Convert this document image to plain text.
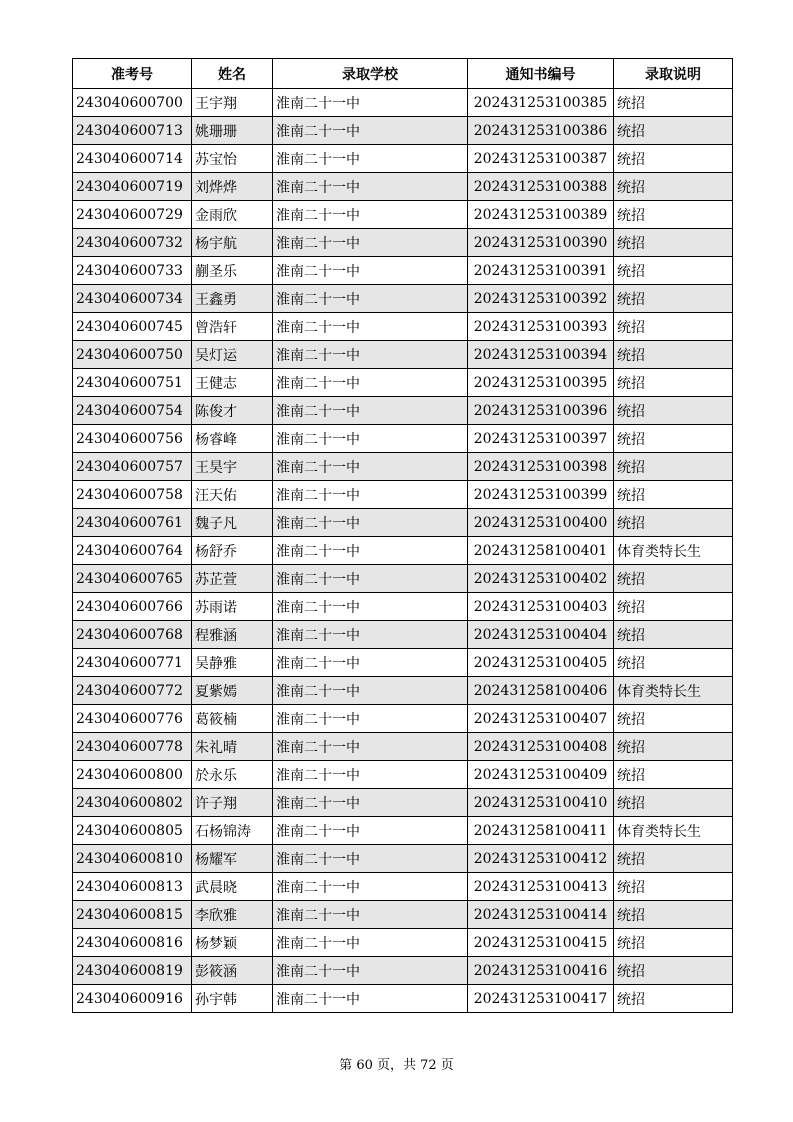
准考号	姓名	录取学校	通知书编号	录取说明
243040600700	王宇翔	淮南二十一中	202431253100385	统招
243040600713	姚珊珊	淮南二十一中	202431253100386	统招
243040600714	苏宝怡	淮南二十一中	202431253100387	统招
243040600719	刘烨烨	淮南二十一中	202431253100388	统招
243040600729	金雨欣	淮南二十一中	202431253100389	统招
243040600732	杨宇航	淮南二十一中	202431253100390	统招
243040600733	蒯圣乐	淮南二十一中	202431253100391	统招
243040600734	王鑫勇	淮南二十一中	202431253100392	统招
243040600745	曾浩轩	淮南二十一中	202431253100393	统招
243040600750	吴灯运	淮南二十一中	202431253100394	统招
243040600751	王健志	淮南二十一中	202431253100395	统招
243040600754	陈俊才	淮南二十一中	202431253100396	统招
243040600756	杨睿峰	淮南二十一中	202431253100397	统招
243040600757	王昊宇	淮南二十一中	202431253100398	统招
243040600758	汪天佑	淮南二十一中	202431253100399	统招
243040600761	魏子凡	淮南二十一中	202431253100400	统招
243040600764	杨舒乔	淮南二十一中	202431258100401	体育类特长生
243040600765	苏芷萱	淮南二十一中	202431253100402	统招
243040600766	苏雨诺	淮南二十一中	202431253100403	统招
243040600768	程雅涵	淮南二十一中	202431253100404	统招
243040600771	吴静雅	淮南二十一中	202431253100405	统招
243040600772	夏紫嫣	淮南二十一中	202431258100406	体育类特长生
243040600776	葛筱楠	淮南二十一中	202431253100407	统招
243040600778	朱礼晴	淮南二十一中	202431253100408	统招
243040600800	於永乐	淮南二十一中	202431253100409	统招
243040600802	许子翔	淮南二十一中	202431253100410	统招
243040600805	石杨锦涛	淮南二十一中	202431258100411	体育类特长生
243040600810	杨耀军	淮南二十一中	202431253100412	统招
243040600813	武晨晓	淮南二十一中	202431253100413	统招
243040600815	李欣雅	淮南二十一中	202431253100414	统招
243040600816	杨梦颖	淮南二十一中	202431253100415	统招
243040600819	彭筱涵	淮南二十一中	202431253100416	统招
243040600916	孙宇韩	淮南二十一中	202431253100417	统招
第 60 页，共 72 页
